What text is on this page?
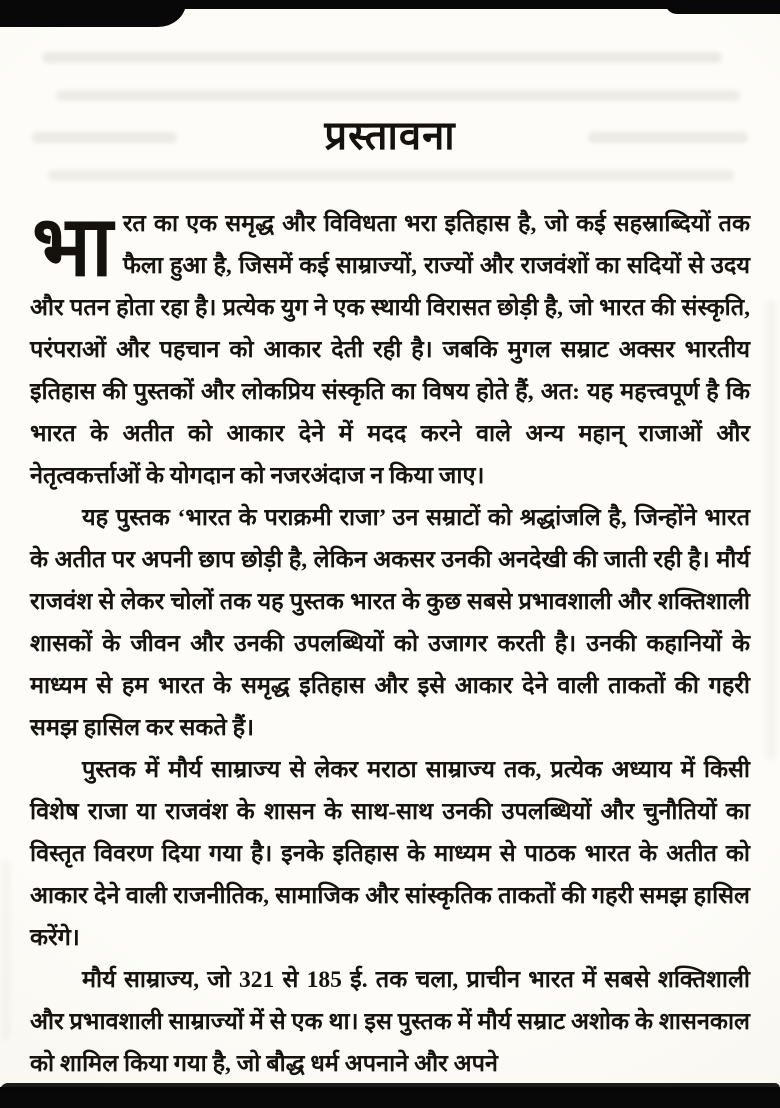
प्रस्तावना

भारत का एक समृद्ध और विविधता भरा इतिहास है, जो कई सहस्राब्दियों तक फैला हुआ है, जिसमें कई साम्राज्यों, राज्यों और राजवंशों का सदियों से उदय और पतन होता रहा है। प्रत्येक युग ने एक स्थायी विरासत छोड़ी है, जो भारत की संस्कृति, परंपराओं और पहचान को आकार देती रही है। जबकि मुगल सम्राट अक्सर भारतीय इतिहास की पुस्तकों और लोकप्रिय संस्कृति का विषय होते हैं, अत: यह महत्त्वपूर्ण है कि भारत के अतीत को आकार देने में मदद करने वाले अन्य महान् राजाओं और नेतृत्वकर्त्ताओं के योगदान को नजरअंदाज न किया जाए।

यह पुस्तक ‘भारत के पराक्रमी राजा’ उन सम्राटों को श्रद्धांजलि है, जिन्होंने भारत के अतीत पर अपनी छाप छोड़ी है, लेकिन अकसर उनकी अनदेखी की जाती रही है। मौर्य राजवंश से लेकर चोलों तक यह पुस्तक भारत के कुछ सबसे प्रभावशाली और शक्तिशाली शासकों के जीवन और उनकी उपलब्धियों को उजागर करती है। उनकी कहानियों के माध्यम से हम भारत के समृद्ध इतिहास और इसे आकार देने वाली ताकतों की गहरी समझ हासिल कर सकते हैं।

पुस्तक में मौर्य साम्राज्य से लेकर मराठा साम्राज्य तक, प्रत्येक अध्याय में किसी विशेष राजा या राजवंश के शासन के साथ-साथ उनकी उपलब्धियों और चुनौतियों का विस्तृत विवरण दिया गया है। इनके इतिहास के माध्यम से पाठक भारत के अतीत को आकार देने वाली राजनीतिक, सामाजिक और सांस्कृतिक ताकतों की गहरी समझ हासिल करेंगे।

मौर्य साम्राज्य, जो 321 से 185 ई. तक चला, प्राचीन भारत में सबसे शक्तिशाली और प्रभावशाली साम्राज्यों में से एक था। इस पुस्तक में मौर्य सम्राट अशोक के शासनकाल को शामिल किया गया है, जो बौद्ध धर्म अपनाने और अपने
